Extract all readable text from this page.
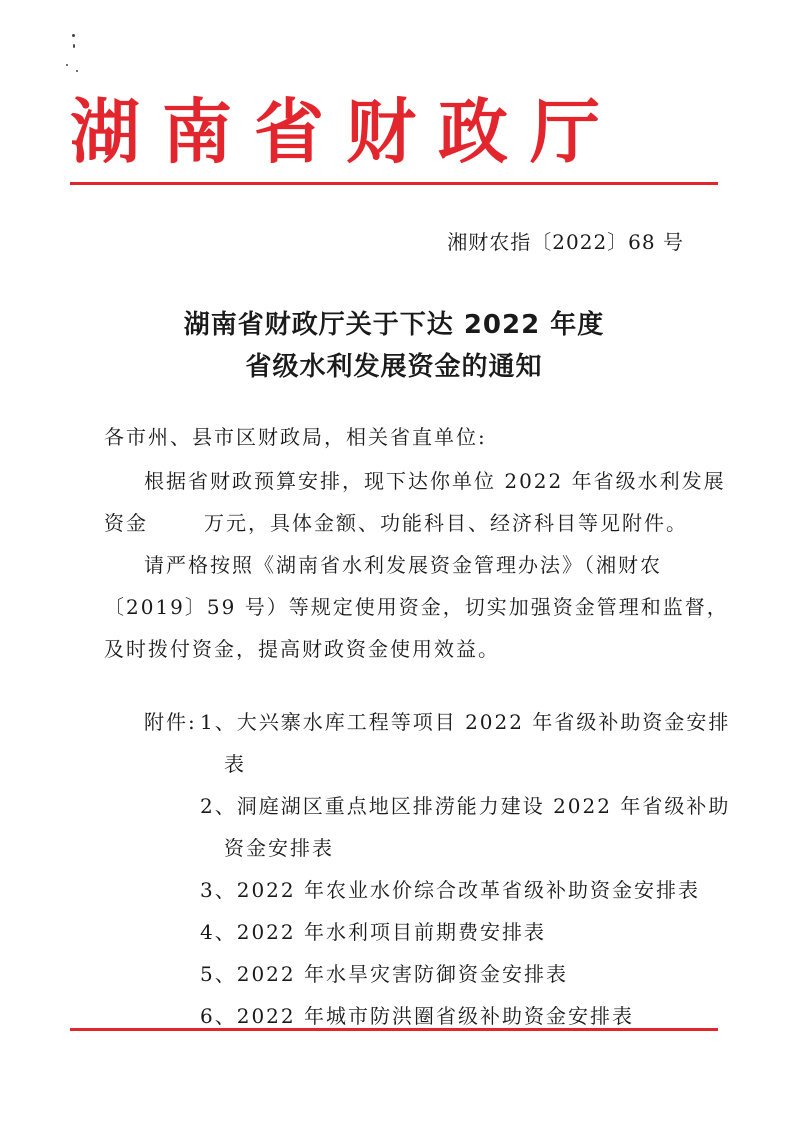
湖南省财政厅
湘财农指〔2022〕68 号
湖南省财政厅关于下达 2022 年度
省级水利发展资金的通知
各市州、县市区财政局，相关省直单位:
根据省财政预算安排，现下达你单位 2022 年省级水利发展
资金	万元，具体金额、功能科目、经济科目等见附件。
请严格按照《湖南省水利发展资金管理办法》（湘财农
〔2019〕59 号）等规定使用资金，切实加强资金管理和监督，
及时拨付资金，提高财政资金使用效益。
附件: 1、大兴寨水库工程等项目 2022 年省级补助资金安排
表
2、洞庭湖区重点地区排涝能力建设 2022 年省级补助
资金安排表
3、2022 年农业水价综合改革省级补助资金安排表
4、2022 年水利项目前期费安排表
5、2022 年水旱灾害防御资金安排表
6、2022 年城市防洪圈省级补助资金安排表
